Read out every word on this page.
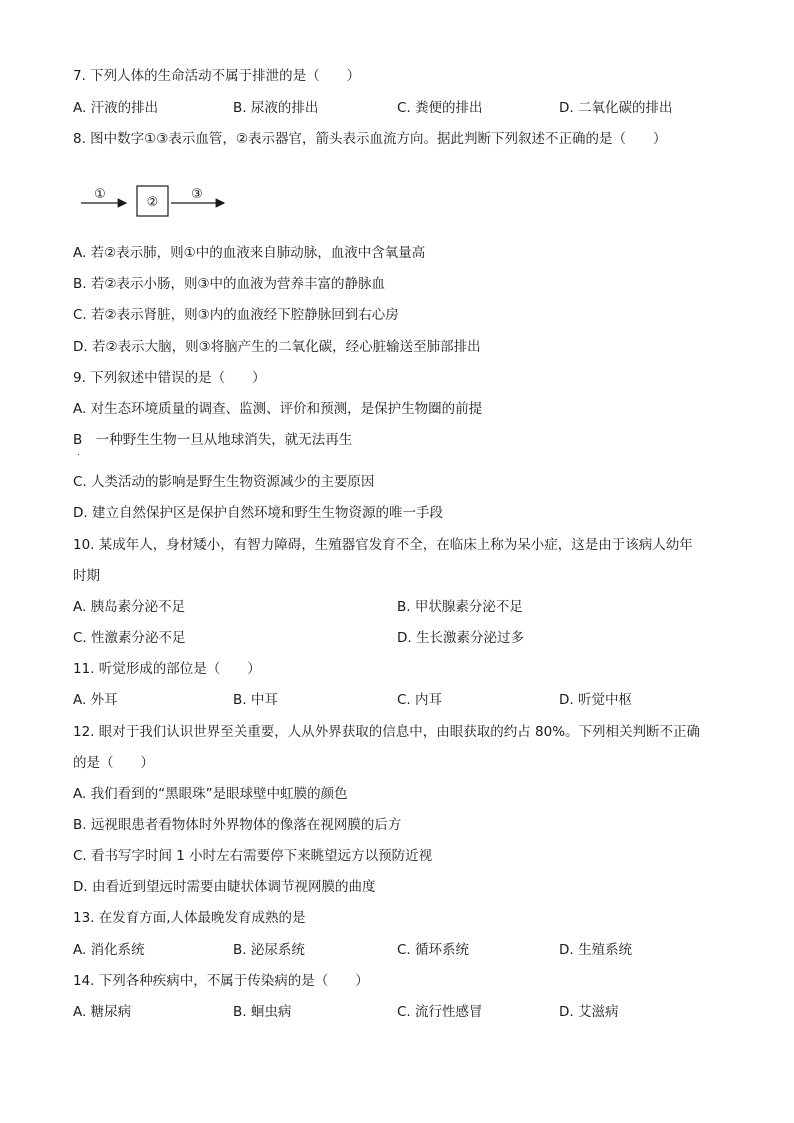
7. 下列人体的生命活动不属于排泄的是（　　）
A. 汗液的排出	B. 尿液的排出	C. 粪便的排出	D. 二氧化碳的排出
8. 图中数字①③表示血管，②表示器官，箭头表示血流方向。据此判断下列叙述不正确的是（　　）
①
②
③
A. 若②表示肺，则①中的血液来自肺动脉，血液中含氧量高
B. 若②表示小肠，则③中的血液为营养丰富的静脉血
C. 若②表示肾脏，则③内的血液经下腔静脉回到右心房
D. 若②表示大脑，则③将脑产生的二氧化碳，经心脏输送至肺部排出
9. 下列叙述中错误的是（　　）
A. 对生态环境质量的调查、监测、评价和预测，是保护生物圈的前提
B　一种野生生物一旦从地球消失，就无法再生
.
C. 人类活动的影响是野生生物资源减少的主要原因
D. 建立自然保护区是保护自然环境和野生生物资源的唯一手段
10. 某成年人，身材矮小，有智力障碍，生殖器官发育不全，在临床上称为呆小症，这是由于该病人幼年
时期
A. 胰岛素分泌不足	B. 甲状腺素分泌不足
C. 性激素分泌不足	D. 生长激素分泌过多
11. 听觉形成的部位是（　　）
A. 外耳	B. 中耳	C. 内耳	D. 听觉中枢
12. 眼对于我们认识世界至关重要，人从外界获取的信息中，由眼获取的约占 80%。下列相关判断不正确
的是（　　）
A. 我们看到的“黑眼珠”是眼球壁中虹膜的颜色
B. 远视眼患者看物体时外界物体的像落在视网膜的后方
C. 看书写字时间 1 小时左右需要停下来眺望远方以预防近视
D. 由看近到望远时需要由睫状体调节视网膜的曲度
13. 在发育方面,人体最晚发育成熟的是
A. 消化系统	B. 泌尿系统	C. 循环系统	D. 生殖系统
14. 下列各种疾病中，不属于传染病的是（　　）
A. 糖尿病	B. 蛔虫病	C. 流行性感冒	D. 艾滋病
